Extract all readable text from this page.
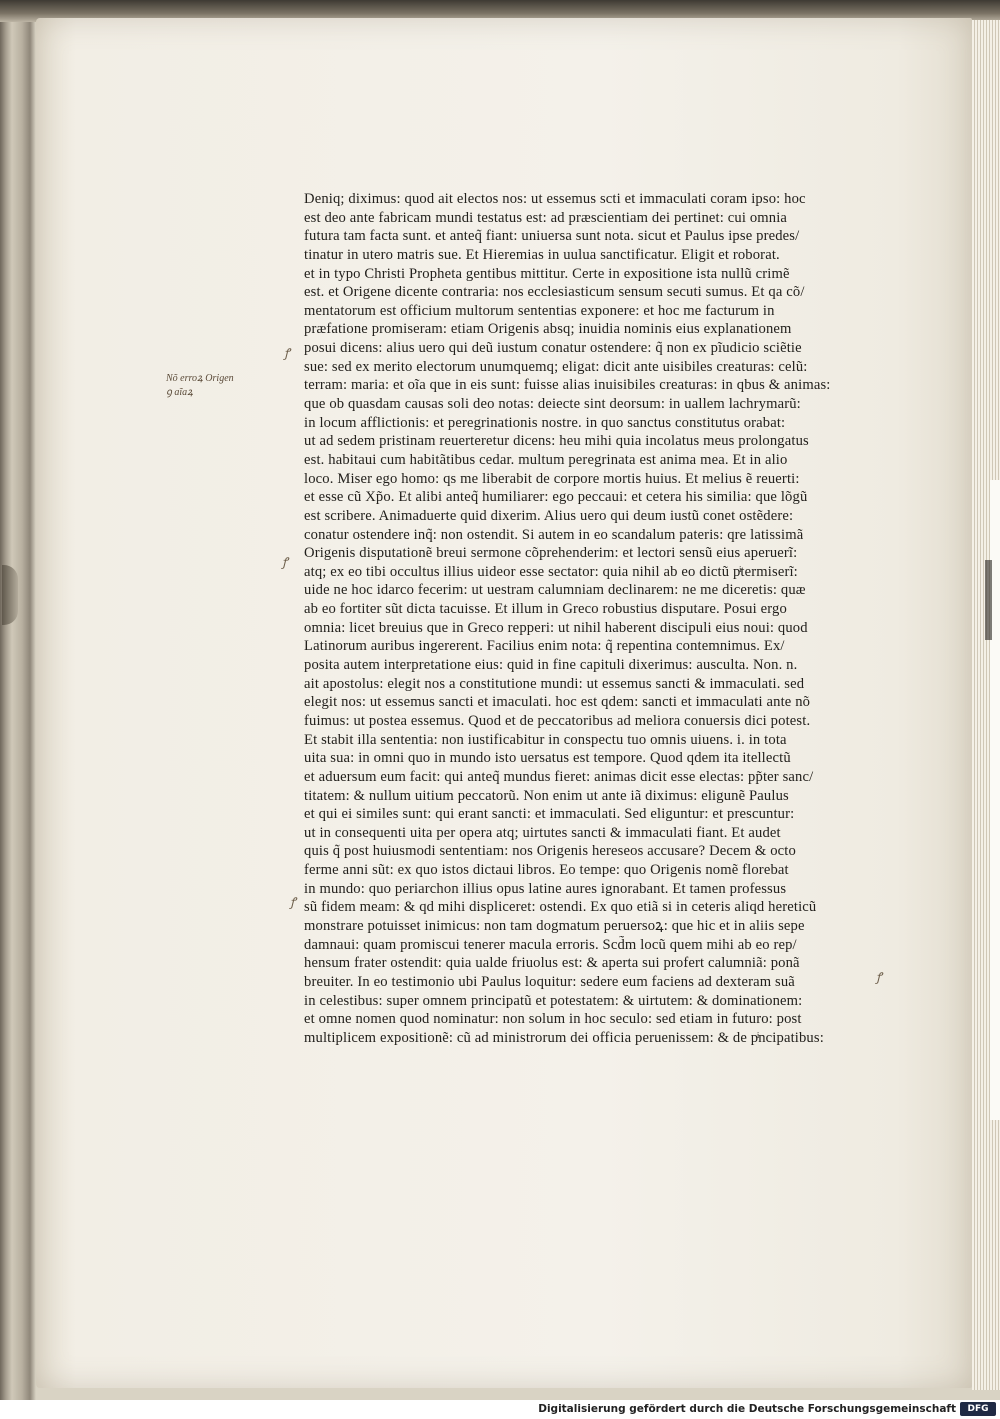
Nõ erroꝝ Origen
ꝯ aĩaꝝ
ꝭ
ꝭ
ꝭ
ꝭ
Deniq; diximus: quod ait electos nos: ut essemus scti et immaculati coram ipso: hoc
est deo ante fabricam mundi testatus est: ad præscientiam dei pertinet: cui omnia
futura tam facta sunt. et anteq̃ fiant: uniuersa sunt nota. sicut et Paulus ipse predes/
tinatur in utero matris sue. Et Hieremias in uulua sanctificatur. Eligit et roborat.
et in typo Christi Propheta gentibus mittitur. Certe in expositione ista nullũ crimẽ
est. et Origene dicente contraria: nos ecclesiasticum sensum secuti sumus. Et qa cõ/
mentatorum est officium multorum sententias exponere: et hoc me facturum in
præfatione promiseram: etiam Origenis absq; inuidia nominis eius explanationem
posui dicens: alius uero qui deũ iustum conatur ostendere: q̃ non ex pĩudicio sciẽtie
sue: sed ex merito electorum unumquemq; eligat: dicit ante uisibiles creaturas: celũ:
terram: maria: et oĩa que in eis sunt: fuisse alias inuisibiles creaturas: in qbus & animas:
que ob quasdam causas soli deo notas: deiecte sint deorsum: in uallem lachrymarũ:
in locum afflictionis: et peregrinationis nostre. in quo sanctus constitutus orabat:
ut ad sedem pristinam reuerteretur dicens: heu mihi quia incolatus meus prolongatus
est. habitaui cum habitãtibus cedar. multum peregrinata est anima mea. Et in alio
loco. Miser ego homo: qs me liberabit de corpore mortis huius. Et melius ẽ reuerti:
et esse cũ Xp̃o. Et alibi anteq̃ humiliarer: ego peccaui: et cetera his similia: que lõgũ
est scribere. Animaduerte quid dixerim. Alius uero qui deum iustũ conet ostẽdere:
conatur ostendere inq̃: non ostendit. Si autem in eo scandalum pateris: qre latissimã
Origenis disputationẽ breui sermone cõprehenderim: et lectori sensũ eius aperuerĩ:
atq; ex eo tibi occultus illius uideor esse sectator: quia nihil ab eo dictũ pͥtermiserĩ:
uide ne hoc idarco fecerim: ut uestram calumniam declinarem: ne me diceretis: quæ
ab eo fortiter sũt dicta tacuisse. Et illum in Greco robustius disputare. Posui ergo
omnia: licet breuius que in Greco repperi: ut nihil haberent discipuli eius noui: quod
Latinorum auribus ingererent. Facilius enim nota: q̃ repentina contemnimus. Ex/
posita autem interpretatione eius: quid in fine capituli dixerimus: ausculta. Non. n.
ait apostolus: elegit nos a constitutione mundi: ut essemus sancti & immaculati. sed
elegit nos: ut essemus sancti et imaculati. hoc est qdem: sancti et immaculati ante nõ
fuimus: ut postea essemus. Quod et de peccatoribus ad meliora conuersis dici potest.
Et stabit illa sententia: non iustificabitur in conspectu tuo omnis uiuens. i. in tota
uita sua: in omni quo in mundo isto uersatus est tempore. Quod qdem ita itellectũ
et aduersum eum facit: qui anteq̃ mundus fieret: animas dicit esse electas: pp̃ter sanc/
titatem: & nullum uitium peccatorũ. Non enim ut ante iã diximus: eligunẽ Paulus
et qui ei similes sunt: qui erant sancti: et immaculati. Sed eliguntur: et prescuntur:
ut in consequenti uita per opera atq; uirtutes sancti & immaculati fiant. Et audet
quis q̃ post huiusmodi sententiam: nos Origenis hereseos accusare? Decem & octo
ferme anni sũt: ex quo istos dictaui libros. Eo tempe: quo Origenis nomẽ florebat
in mundo: quo periarchon illius opus latine aures ignorabant. Et tamen professus
sũ fidem meam: & qd mihi displiceret: ostendi. Ex quo etiã si in ceteris aliqd hereticũ
monstrare potuisset inimicus: non tam dogmatum peruersoꝝ: que hic et in aliis sepe
damnaui: quam promiscui tenerer macula erroris. Scd̃m locũ quem mihi ab eo rep/
hensum frater ostendit: quia ualde friuolus est: & aperta sui profert calumniã: ponã
breuiter. In eo testimonio ubi Paulus loquitur: sedere eum faciens ad dexteram suã
in celestibus: super omnem principatũ et potestatem: & uirtutem: & dominationem:
et omne nomen quod nominatur: non solum in hoc seculo: sed etiam in futuro: post
multiplicem expositionẽ: cũ ad ministrorum dei officia peruenissem: & de pͥncipatibus:
Digitalisierung gefördert durch die Deutsche Forschungsgemeinschaft	DFG
